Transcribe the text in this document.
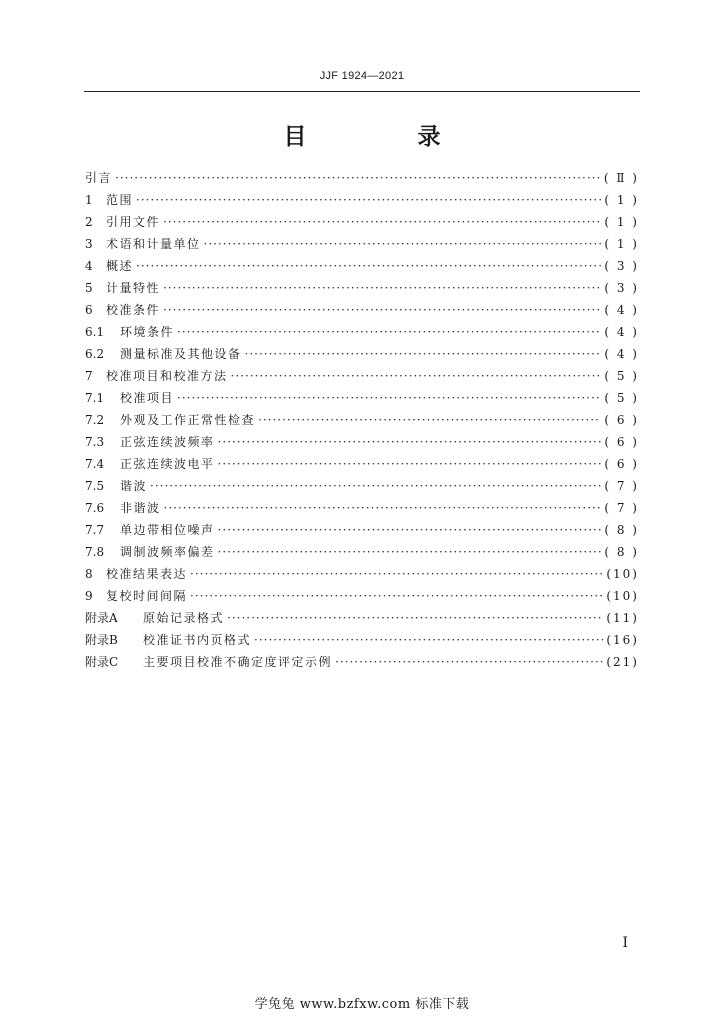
JJF 1924—2021
目　录
引言 ·····	( Ⅱ )
1	范围 ·····	( 1 )
2	引用文件 ·····	( 1 )
3	术语和计量单位 ·····	( 1 )
4	概述 ·····	( 3 )
5	计量特性 ·····	( 3 )
6	校准条件 ·····	( 4 )
6.1	环境条件 ·····	( 4 )
6.2	测量标准及其他设备 ·····	( 4 )
7	校准项目和校准方法 ·····	( 5 )
7.1	校准项目 ·····	( 5 )
7.2	外观及工作正常性检查 ·····	( 6 )
7.3	正弦连续波频率 ·····	( 6 )
7.4	正弦连续波电平 ·····	( 6 )
7.5	谐波 ·····	( 7 )
7.6	非谐波 ·····	( 7 )
7.7	单边带相位噪声 ·····	( 8 )
7.8	调制波频率偏差 ·····	( 8 )
8	校准结果表达 ·····	(10)
9	复校时间间隔 ·····	(10)
附录A	原始记录格式 ·····	(11)
附录B	校准证书内页格式 ·····	(16)
附录C	主要项目校准不确定度评定示例 ·····	(21)
I
学兔兔 www.bzfxw.com 标准下载
